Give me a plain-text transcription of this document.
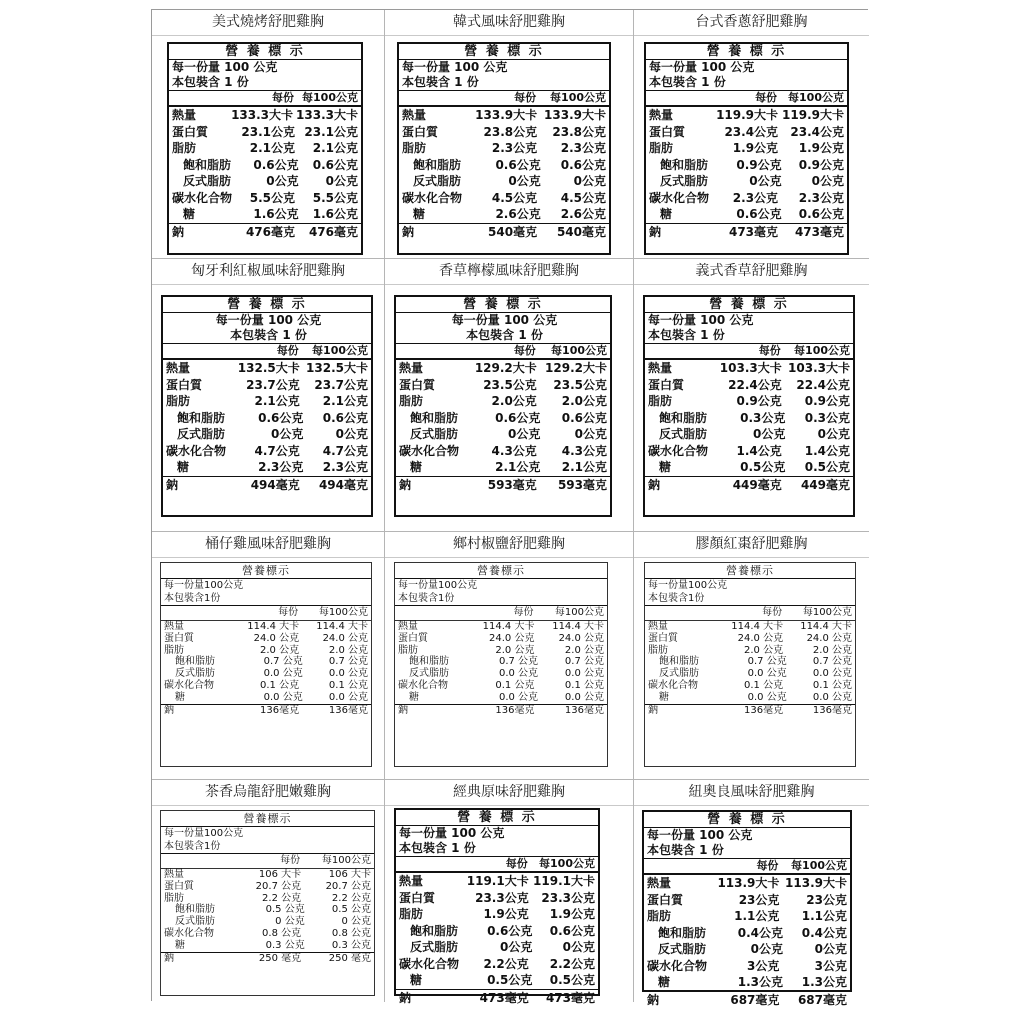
美式燒烤舒肥雞胸
營 養 標 示
每一份量 100 公克
本包裝含 1 份
每份 每100公克
熱量	133.3大卡 133.3大卡
蛋白質	23.1公克 23.1公克
脂肪	2.1公克	2.1公克
飽和脂肪	0.6公克	0.6公克
反式脂肪	0公克	0公克
碳水化合物	5.5公克	5.5公克
糖	1.6公克	1.6公克
鈉	476毫克	476毫克
韓式風味舒肥雞胸
營 養 標 示
每一份量 100 公克
本包裝含 1 份
每份	每100公克
熱量	133.9大卡 133.9大卡
蛋白質	23.8公克	23.8公克
脂肪	2.3公克	2.3公克
飽和脂肪	0.6公克	0.6公克
反式脂肪	0公克	0公克
碳水化合物	4.5公克	4.5公克
糖	2.6公克	2.6公克
鈉	540毫克	540毫克
台式香蔥舒肥雞胸
營 養 標 示
每一份量 100 公克
本包裝含 1 份
每份 每100公克
熱量	119.9大卡 119.9大卡
蛋白質	23.4公克	23.4公克
脂肪	1.9公克	1.9公克
飽和脂肪	0.9公克	0.9公克
反式脂肪	0公克	0公克
碳水化合物	2.3公克	2.3公克
糖	0.6公克	0.6公克
鈉	473毫克	473毫克
匈牙利紅椒風味舒肥雞胸
營 養 標 示
每一份量 100 公克
本包裝含 1 份
每份	每100公克
熱量	132.5大卡 132.5大卡
蛋白質	23.7公克	23.7公克
脂肪	2.1公克	2.1公克
飽和脂肪	0.6公克	0.6公克
反式脂肪	0公克	0公克
碳水化合物	4.7公克	4.7公克
糖	2.3公克	2.3公克
鈉	494毫克	494毫克
香草檸檬風味舒肥雞胸
營 養 標 示
每一份量 100 公克
本包裝含 1 份
每份	每100公克
熱量	129.2大卡 129.2大卡
蛋白質	23.5公克	23.5公克
脂肪	2.0公克	2.0公克
飽和脂肪	0.6公克	0.6公克
反式脂肪	0公克	0公克
碳水化合物	4.3公克	4.3公克
糖	2.1公克	2.1公克
鈉	593毫克	593毫克
義式香草舒肥雞胸
營 養 標 示
每一份量 100 公克
本包裝含 1 份
每份	每100公克
熱量	103.3大卡 103.3大卡
蛋白質	22.4公克	22.4公克
脂肪	0.9公克	0.9公克
飽和脂肪	0.3公克	0.3公克
反式脂肪	0公克	0公克
碳水化合物	1.4公克	1.4公克
糖	0.5公克	0.5公克
鈉	449毫克	449毫克
桶仔雞風味舒肥雞胸
營養標示
每一份量100公克
本包裝含1份
每份	每100公克
熱量	114.4 大卡	114.4 大卡
蛋白質	24.0 公克	24.0 公克
脂肪	2.0 公克	2.0 公克
飽和脂肪	0.7 公克	0.7 公克
反式脂肪	0.0 公克	0.0 公克
碳水化合物	0.1 公克	0.1 公克
糖	0.0 公克	0.0 公克
鈉	136毫克	136毫克
鄉村椒鹽舒肥雞胸
營養標示
每一份量100公克
本包裝含1份
每份	每100公克
熱量	114.4 大卡	114.4 大卡
蛋白質	24.0 公克	24.0 公克
脂肪	2.0 公克	2.0 公克
飽和脂肪	0.7 公克	0.7 公克
反式脂肪	0.0 公克	0.0 公克
碳水化合物	0.1 公克	0.1 公克
糖	0.0 公克	0.0 公克
鈉	136毫克	136毫克
膠顏紅棗舒肥雞胸
營養標示
每一份量100公克
本包裝含1份
每份	每100公克
熱量	114.4 大卡	114.4 大卡
蛋白質	24.0 公克	24.0 公克
脂肪	2.0 公克	2.0 公克
飽和脂肪	0.7 公克	0.7 公克
反式脂肪	0.0 公克	0.0 公克
碳水化合物	0.1 公克	0.1 公克
糖	0.0 公克	0.0 公克
鈉	136毫克	136毫克
茶香烏龍舒肥嫩雞胸
營養標示
每一份量100公克
本包裝含1份
每份	每100公克
熱量	106 大卡	106 大卡
蛋白質	20.7 公克	20.7 公克
脂肪	2.2 公克	2.2 公克
飽和脂肪	0.5 公克	0.5 公克
反式脂肪	0 公克	0 公克
碳水化合物	0.8 公克	0.8 公克
糖	0.3 公克	0.3 公克
鈉	250 毫克	250 毫克
經典原味舒肥雞胸
營 養 標 示
每一份量 100 公克
本包裝含 1 份
每份	每100公克
熱量	119.1大卡 119.1大卡
蛋白質	23.3公克	23.3公克
脂肪	1.9公克	1.9公克
飽和脂肪	0.6公克	0.6公克
反式脂肪	0公克	0公克
碳水化合物	2.2公克	2.2公克
糖	0.5公克	0.5公克
鈉	473毫克	473毫克
紐奧良風味舒肥雞胸
營 養 標 示
每一份量 100 公克
本包裝含 1 份
每份	每100公克
熱量	113.9大卡 113.9大卡
蛋白質	23公克	23公克
脂肪	1.1公克	1.1公克
飽和脂肪	0.4公克	0.4公克
反式脂肪	0公克	0公克
碳水化合物	3公克	3公克
糖	1.3公克	1.3公克
鈉	687毫克	687毫克
